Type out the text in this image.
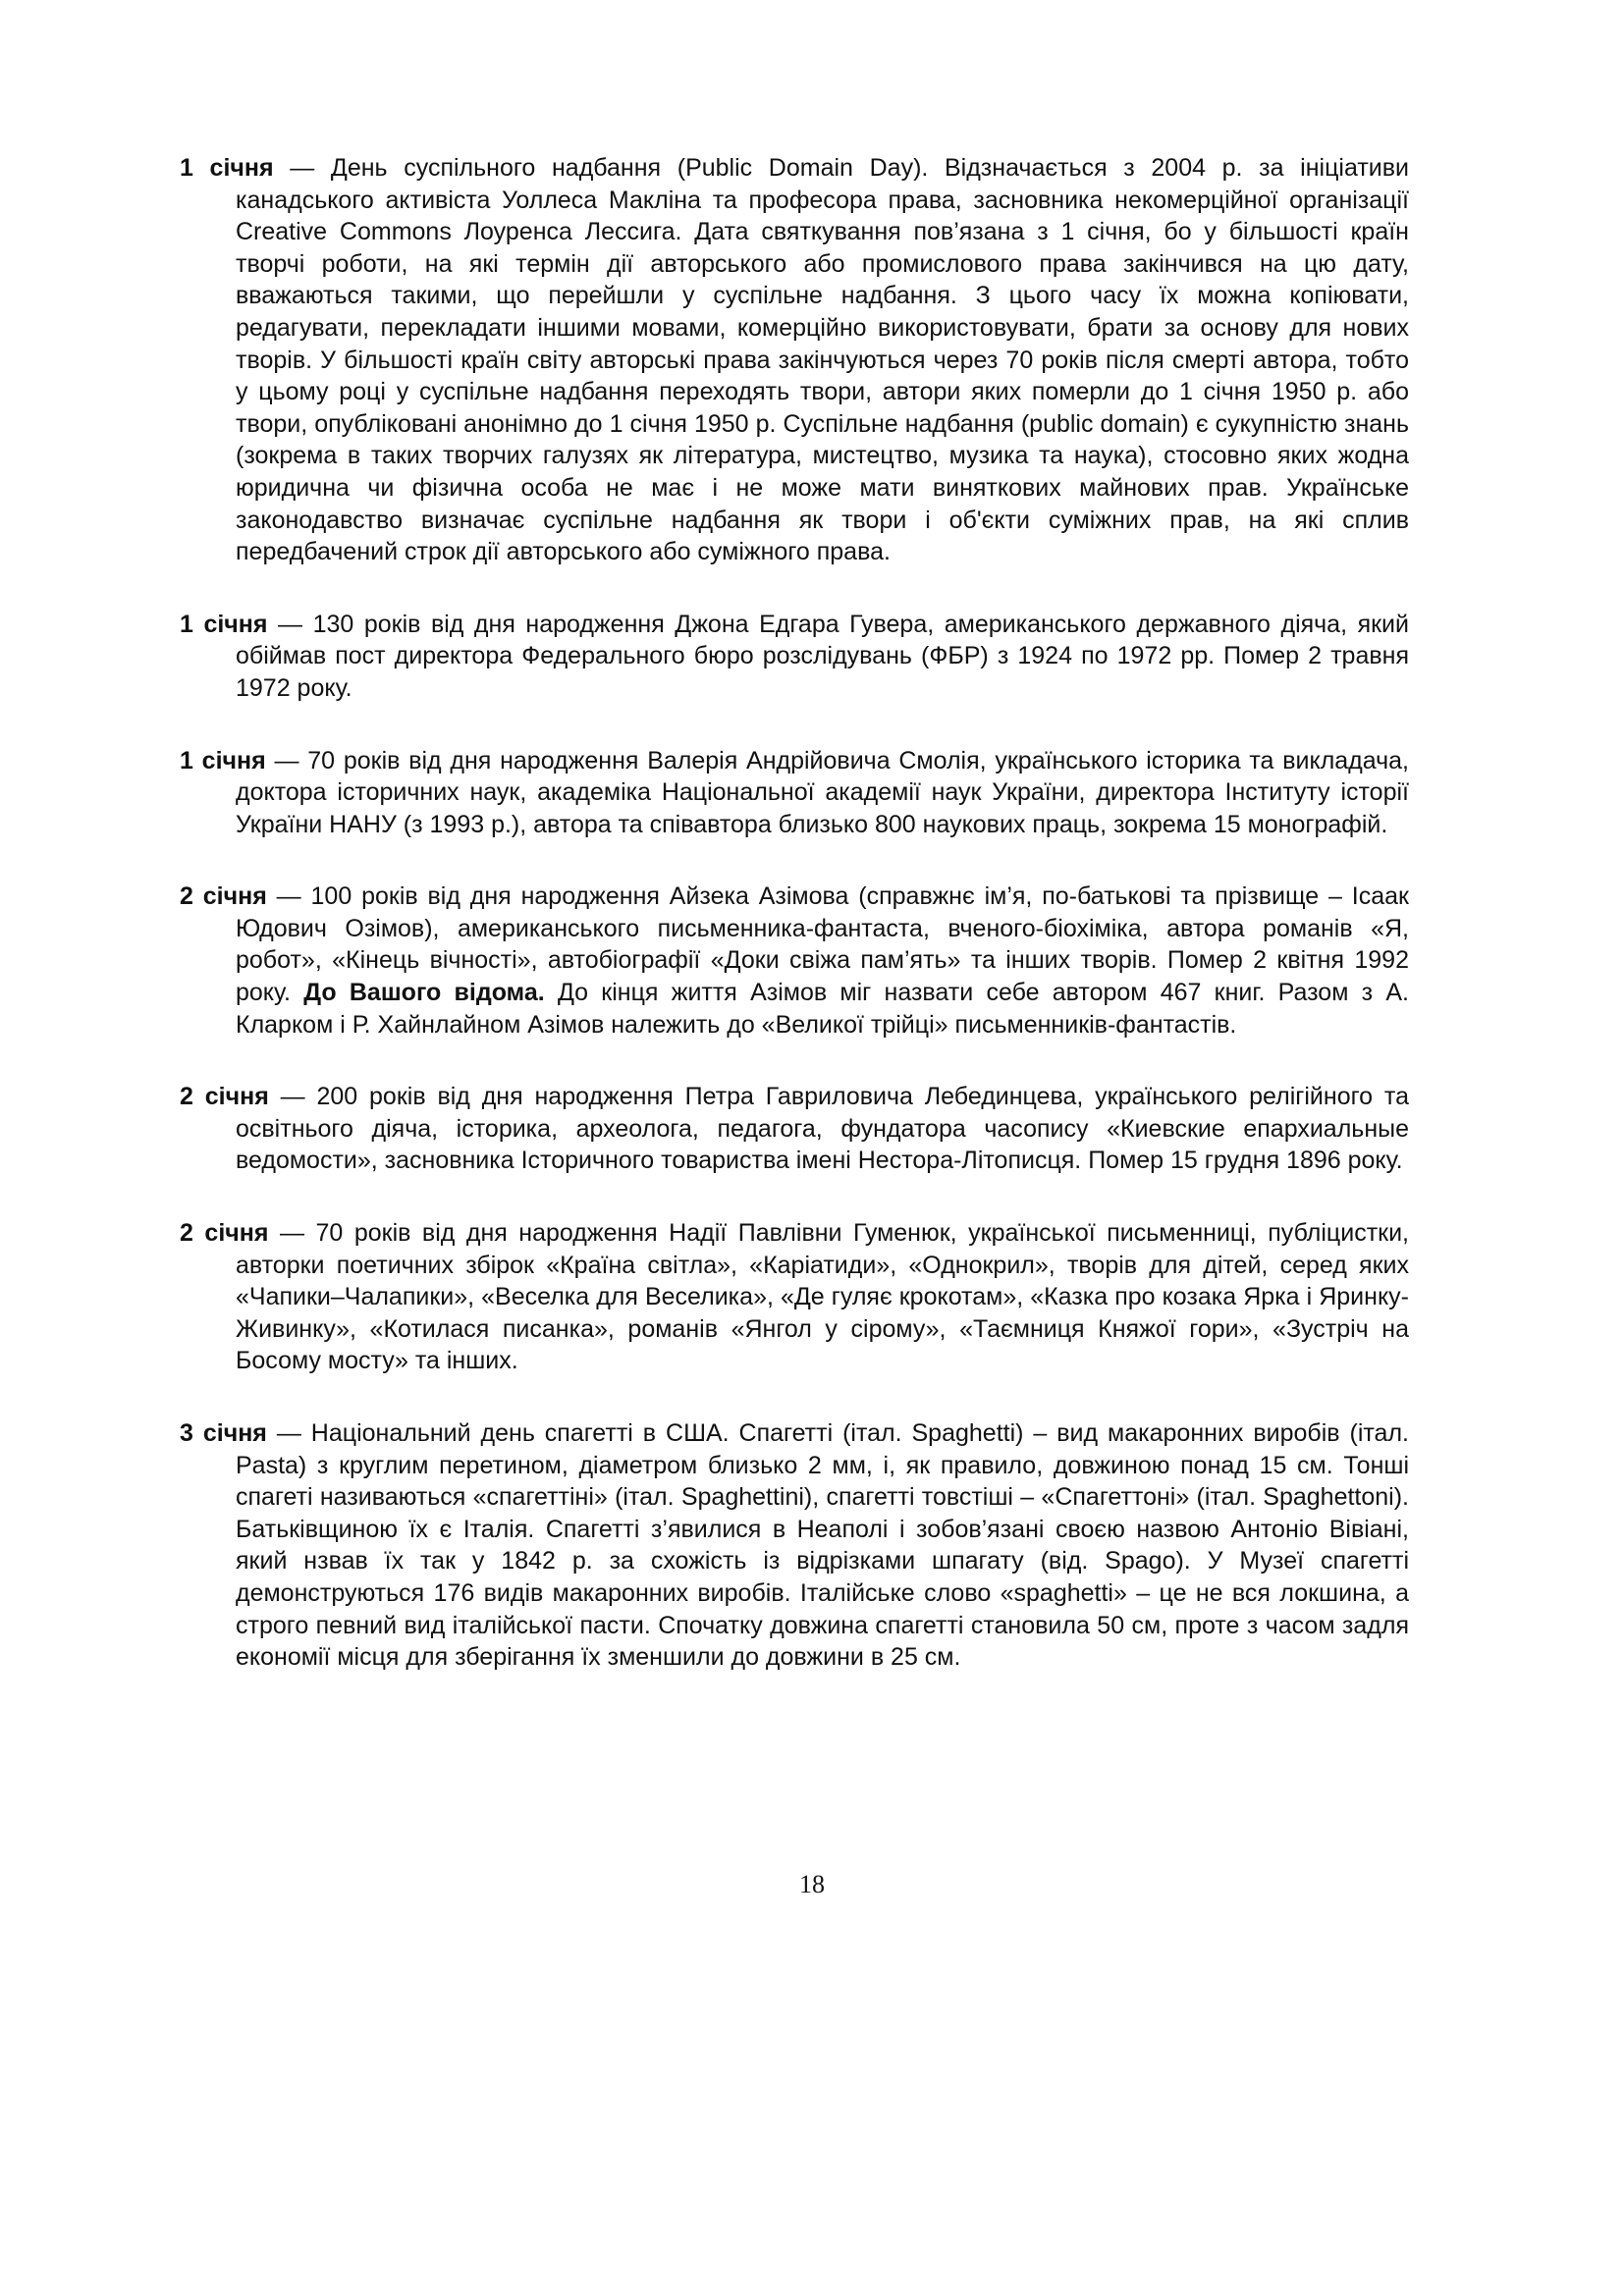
1 січня — День суспільного надбання (Public Domain Day). Відзначається з 2004 р. за ініціативи канадського активіста Уоллеса Макліна та професора права, засновника некомерційної організації Creative Commons Лоуренса Лессига. Дата святкування пов’язана з 1 січня, бо у більшості країн творчі роботи, на які термін дії авторського або промислового права закінчився на цю дату, вважаються такими, що перейшли у суспільне надбання. З цього часу їх можна копіювати, редагувати, перекладати іншими мовами, комерційно використовувати, брати за основу для нових творів. У більшості країн світу авторські права закінчуються через 70 років після смерті автора, тобто у цьому році у суспільне надбання переходять твори, автори яких померли до 1 січня 1950 р. або твори, опубліковані анонімно до 1 січня 1950 р. Суспільне надбання (public domain) є сукупністю знань (зокрема в таких творчих галузях як література, мистецтво, музика та наука), стосовно яких жодна юридична чи фізична особа не має і не може мати виняткових майнових прав. Українське законодавство визначає суспільне надбання як твори і об'єкти суміжних прав, на які сплив передбачений строк дії авторського або суміжного права.

1 січня — 130 років від дня народження Джона Едгара Гувера, американського державного діяча, який обіймав пост директора Федерального бюро розслідувань (ФБР) з 1924 по 1972 рр. Помер 2 травня 1972 року.

1 січня — 70 років від дня народження Валерія Андрійовича Смолія, українського історика та викладача, доктора історичних наук, академіка Національної академії наук України, директора Інституту історії України НАНУ (з 1993 р.), автора та співавтора близько 800 наукових праць, зокрема 15 монографій.

2 січня — 100 років від дня народження Айзека Азімова (справжнє ім’я, по-батькові та прізвище – Ісаак Юдович Озімов), американського письменника-фантаста, вченого-біохіміка, автора романів «Я, робот», «Кінець вічності», автобіографії «Доки свіжа пам’ять» та інших творів. Помер 2 квітня 1992 року. До Вашого відома. До кінця життя Азімов міг назвати себе автором 467 книг. Разом з А. Кларком і Р. Хайнлайном Азімов належить до «Великої трійці» письменників-фантастів.

2 січня — 200 років від дня народження Петра Гавриловича Лебединцева, українського релігійного та освітнього діяча, історика, археолога, педагога, фундатора часопису «Киевские епархиальные ведомости», засновника Історичного товариства імені Нестора-Літописця. Помер 15 грудня 1896 року.

2 січня — 70 років від дня народження Надії Павлівни Гуменюк, української письменниці, публіцистки, авторки поетичних збірок «Країна світла», «Каріатиди», «Однокрил», творів для дітей, серед яких «Чапики–Чалапики», «Веселка для Веселика», «Де гуляє крокотам», «Казка про козака Ярка і Яринку-Живинку», «Котилася писанка», романів «Янгол у сірому», «Таємниця Княжої гори», «Зустріч на Босому мосту» та інших.

3 січня — Національний день спагетті в США. Спагетті (італ. Spaghetti) – вид макаронних виробів (італ. Pasta) з круглим перетином, діаметром близько 2 мм, і, як правило, довжиною понад 15 см. Тонші спагеті називаються «спагеттіні» (італ. Spaghettini), спагетті товстіші – «Спагеттоні» (італ. Spaghettoni). Батьківщиною їх є Італія. Спагетті з’явилися в Неаполі і зобов’язані своєю назвою Антоніо Вівіані, який нзвав їх так у 1842 р. за схожість із відрізками шпагату (від. Spago). У Музеї спагетті демонструються 176 видів макаронних виробів. Італійське слово «spaghetti» – це не вся локшина, а строго певний вид італійської пасти. Спочатку довжина спагетті становила 50 см, проте з часом задля економії місця для зберігання їх зменшили до довжини в 25 см.

18
